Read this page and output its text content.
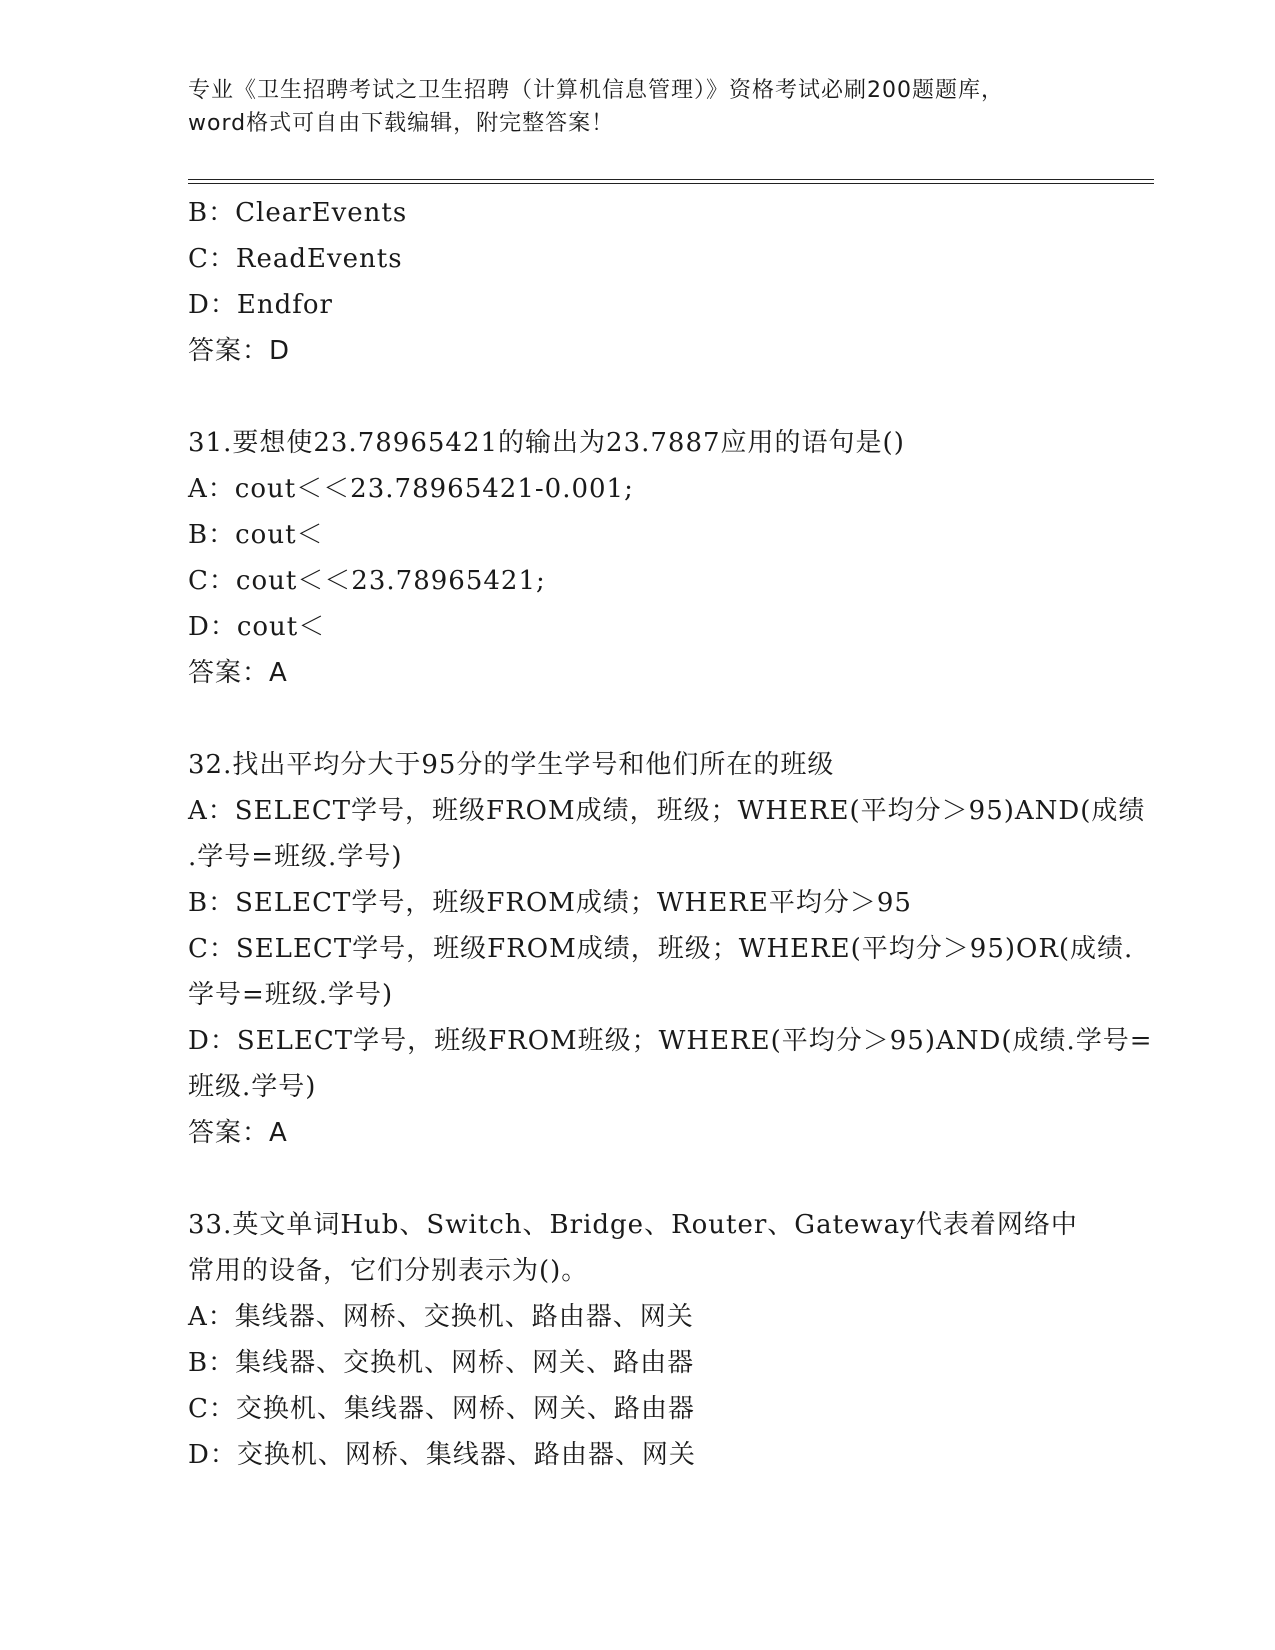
专业《卫生招聘考试之卫生招聘（计算机信息管理）》资格考试必刷200题题库，
word格式可自由下载编辑，附完整答案！
B：ClearEvents
C：ReadEvents
D：Endfor
答案：D
31.要想使23.78965421的输出为23.7887应用的语句是()
A：cout＜＜23.78965421-0.001;
B：cout＜
C：cout＜＜23.78965421;
D：cout＜
答案：A
32.找出平均分大于95分的学生学号和他们所在的班级
A：SELECT学号，班级FROM成绩，班级；WHERE(平均分＞95)AND(成绩
.学号=班级.学号)
B：SELECT学号，班级FROM成绩；WHERE平均分＞95
C：SELECT学号，班级FROM成绩，班级；WHERE(平均分＞95)OR(成绩.
学号=班级.学号)
D：SELECT学号，班级FROM班级；WHERE(平均分＞95)AND(成绩.学号=
班级.学号)
答案：A
33.英文单词Hub、Switch、Bridge、Router、Gateway代表着网络中
常用的设备，它们分别表示为()。
A：集线器、网桥、交换机、路由器、网关
B：集线器、交换机、网桥、网关、路由器
C：交换机、集线器、网桥、网关、路由器
D：交换机、网桥、集线器、路由器、网关
